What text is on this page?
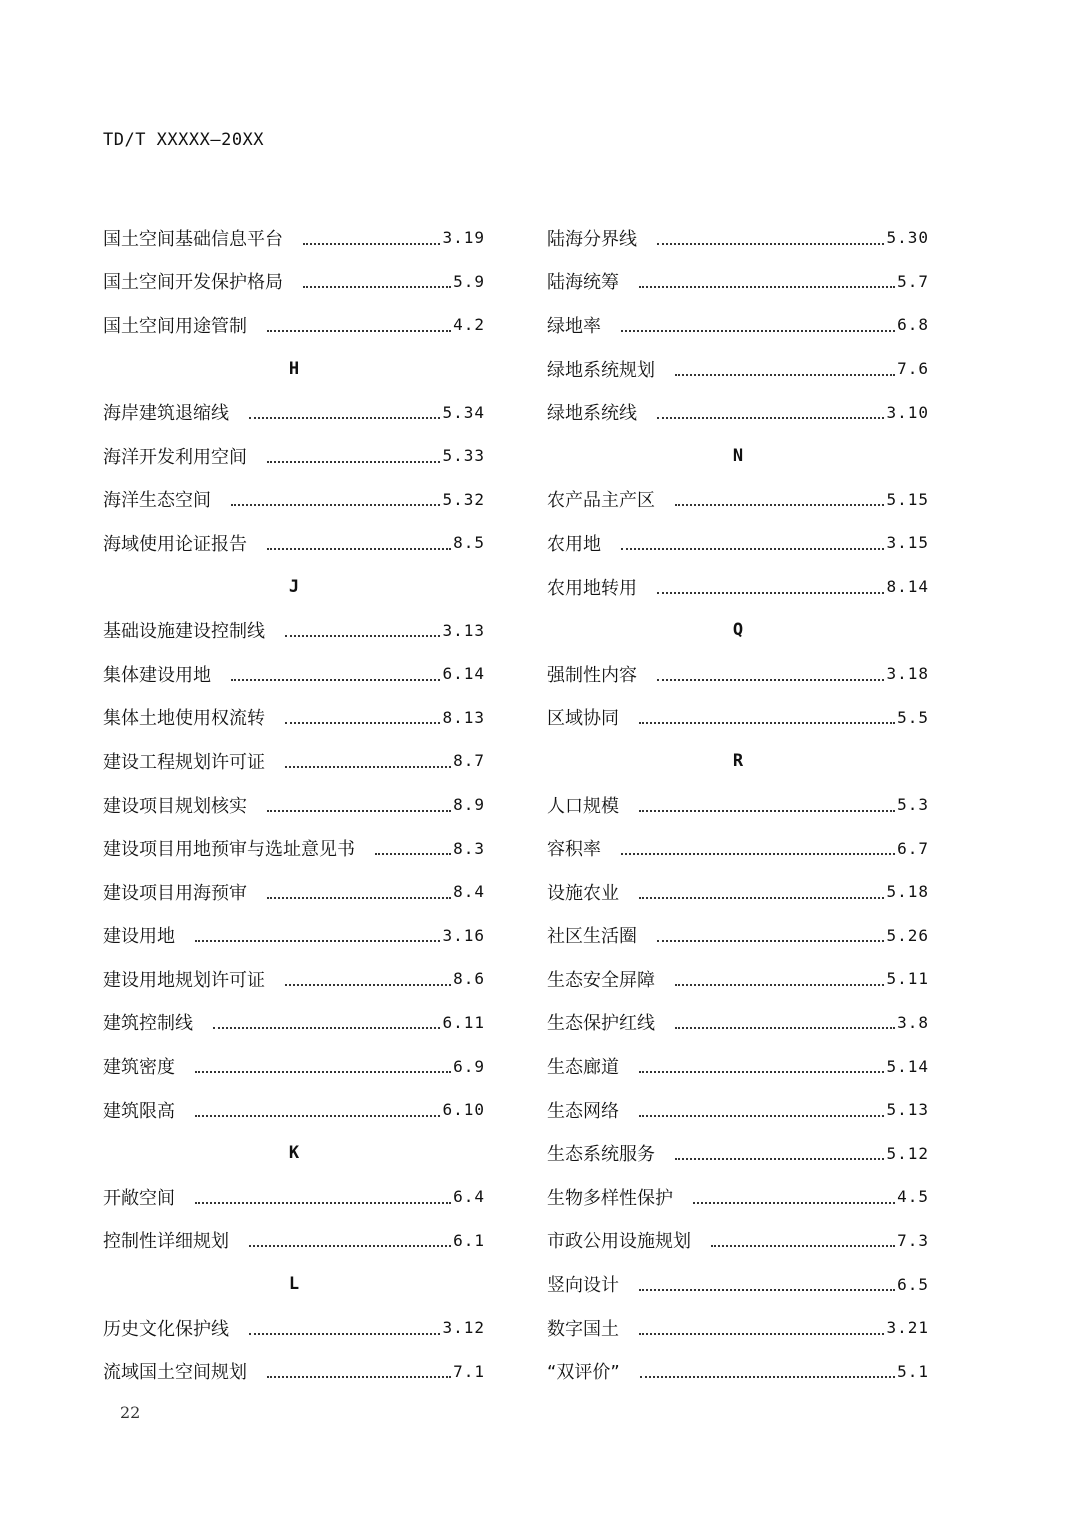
TD/T XXXXX—20XX
国土空间基础信息平台	3.19
国土空间开发保护格局	5.9
国土空间用途管制	4.2
H
海岸建筑退缩线	5.34
海洋开发利用空间	5.33
海洋生态空间	5.32
海域使用论证报告	8.5
J
基础设施建设控制线	3.13
集体建设用地	6.14
集体土地使用权流转	8.13
建设工程规划许可证	8.7
建设项目规划核实	8.9
建设项目用地预审与选址意见书	8.3
建设项目用海预审	8.4
建设用地	3.16
建设用地规划许可证	8.6
建筑控制线	6.11
建筑密度	6.9
建筑限高	6.10
K
开敞空间	6.4
控制性详细规划	6.1
L
历史文化保护线	3.12
流域国土空间规划	7.1
陆海分界线	5.30
陆海统筹	5.7
绿地率	6.8
绿地系统规划	7.6
绿地系统线	3.10
N
农产品主产区	5.15
农用地	3.15
农用地转用	8.14
Q
强制性内容	3.18
区域协同	5.5
R
人口规模	5.3
容积率	6.7
设施农业	5.18
社区生活圈	5.26
生态安全屏障	5.11
生态保护红线	3.8
生态廊道	5.14
生态网络	5.13
生态系统服务	5.12
生物多样性保护	4.5
市政公用设施规划	7.3
竖向设计	6.5
数字国土	3.21
“双评价”	5.1
22
